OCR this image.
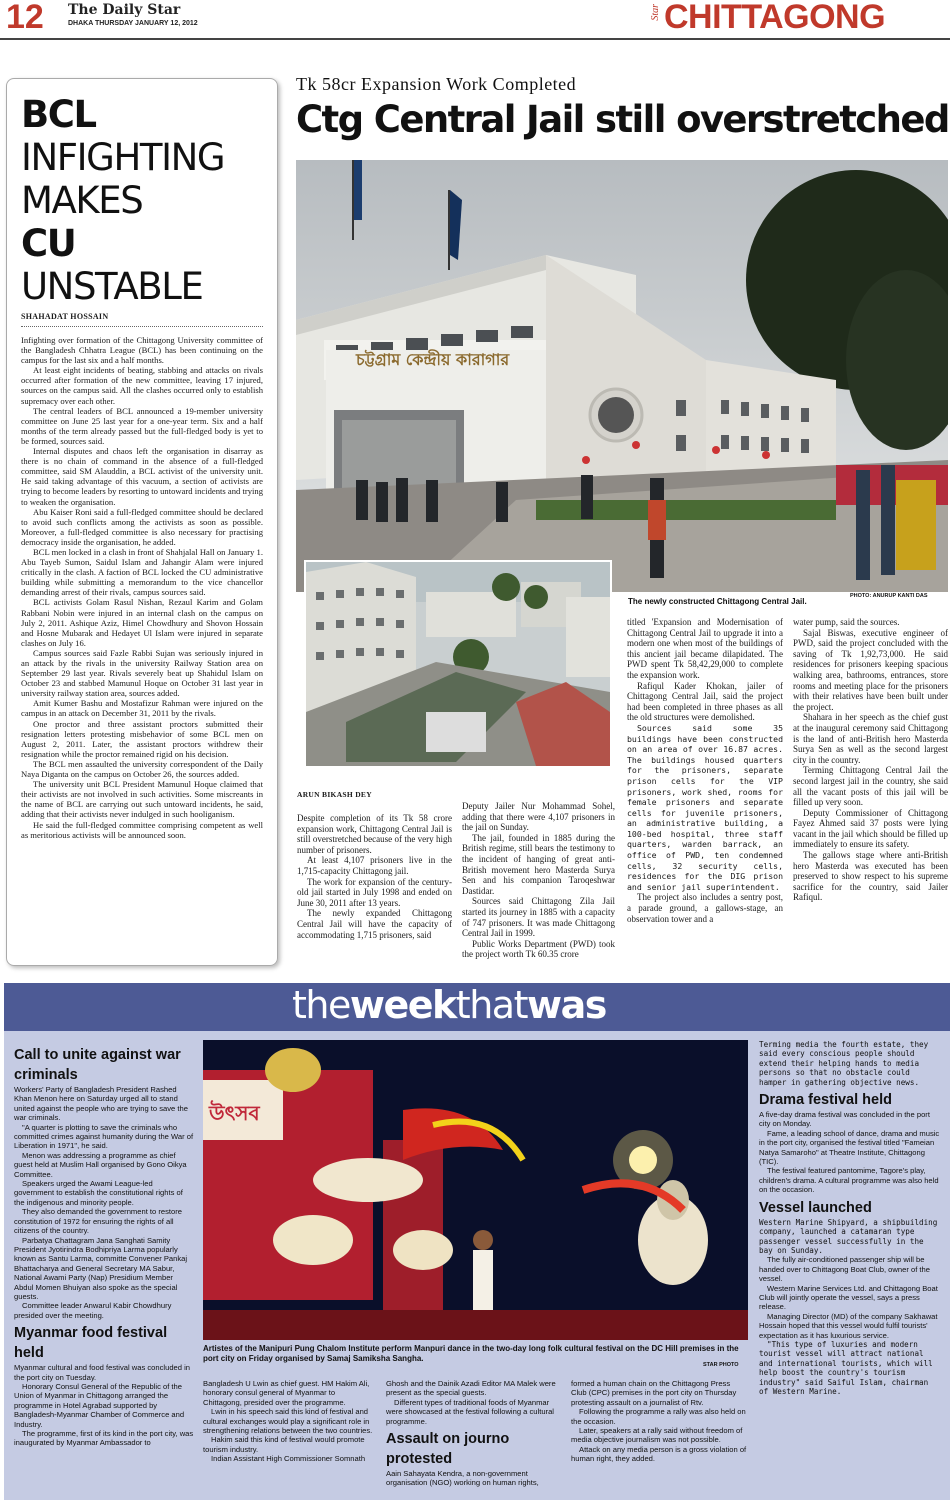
12 The Daily Star
DHAKA THURSDAY JANUARY 12, 2012
Star CHITTAGONG
BCL INFIGHTING
MAKES
CU UNSTABLE
SHAHADAT HOSSAIN

Infighting over formation of the Chittagong University committee of the Bangladesh Chhatra League (BCL) has been continuing on the campus for the last six and a half months.

At least eight incidents of beating, stabbing and attacks on rivals occurred after formation of the new committee, leaving 17 injured, sources on the campus said. All the clashes occurred only to establish supremacy over each other.

The central leaders of BCL announced a 19-member university committee on June 25 last year for a one-year term. Six and a half months of the term already passed but the full-fledged body is yet to be formed, sources said.

Internal disputes and chaos left the organisation in disarray as there is no chain of command in the absence of a full-fledged committee, said SM Alauddin, a BCL activist of the university unit. He said taking advantage of this vacuum, a section of activists are trying to become leaders by resorting to untoward incidents and trying to weaken the organisation.

Abu Kaiser Roni said a full-fledged committee should be declared to avoid such conflicts among the activists as soon as possible. Moreover, a full-fledged committee is also necessary for practising democracy inside the organisation, he added.

BCL men locked in a clash in front of Shahjalal Hall on January 1. Abu Tayeb Sumon, Saidul Islam and Jahangir Alam were injured critically in the clash. A faction of BCL locked the CU administrative building while submitting a memorandum to the vice chancellor demanding arrest of their rivals, campus sources said.

BCL activists Golam Rasul Nishan, Rezaul Karim and Golam Rabbani Nobin were injured in an internal clash on the campus on July 2, 2011. Ashique Aziz, Himel Chowdhury and Shovon Hossain and Hosne Mubarak and Hedayet Ul Islam were injured in separate clashes on July 16.

Campus sources said Fazle Rabbi Sujan was seriously injured in an attack by the rivals in the university Railway Station area on September 29 last year. Rivals severely beat up Shahidul Islam on October 23 and stabbed Mamunul Hoque on October 31 last year in university railway station area, sources added.

Amit Kumer Bashu and Mostafizur Rahman were injured on the campus in an attack on December 31, 2011 by the rivals.

One proctor and three assistant proctors submitted their resignation letters protesting misbehavior of some BCL men on August 2, 2011. Later, the assistant proctors withdrew their resignation while the proctor remained rigid on his decision.

The BCL men assaulted the university correspondent of the Daily Naya Diganta on the campus on October 26, the sources added.

The university unit BCL President Mamunul Hoque claimed that their activists are not involved in such activities. Some miscreants in the name of BCL are carrying out such untoward incidents, he said, adding that their activists never indulged in such hooliganism.

He said the full-fledged committee comprising competent as well as meritorious activists will be announced soon.

Tk 58cr Expansion Work Completed
Ctg Central Jail still overstretched
চট্টগ্রাম কেন্দ্রীয় কারাগার
The newly constructed Chittagong Central Jail.
PHOTO: ANURUP KANTI DAS
ARUN BIKASH DEY

Despite completion of its Tk 58 crore expansion work, Chittagong Central Jail is still overstretched because of the very high number of prisoners.

At least 4,107 prisoners live in the 1,715-capacity Chittagong jail.

The work for expansion of the century-old jail started in July 1998 and ended on June 30, 2011 after 13 years.

The newly expanded Chittagong Central Jail will have the capacity of accommodating 1,715 prisoners, said

Deputy Jailer Nur Mohammad Sohel, adding that there were 4,107 prisoners in the jail on Sunday.

The jail, founded in 1885 during the British regime, still bears the testimony to the incident of hanging of great anti-British movement hero Masterda Surya Sen and his companion Taroqeshwar Dastidar.

Sources said Chittagong Zila Jail started its journey in 1885 with a capacity of 747 prisoners. It was made Chittagong Central Jail in 1999.

Public Works Department (PWD) took the project worth Tk 60.35 crore

titled 'Expansion and Modernisation of Chittagong Central Jail to upgrade it into a modern one when most of the buildings of this ancient jail became dilapidated. The PWD spent Tk 58,42,29,000 to complete the expansion work.

Rafiqul Kader Khokan, jailer of Chittagong Central Jail, said the project had been completed in three phases as all the old structures were demolished.

Sources said some 35 buildings have been constructed on an area of over 16.87 acres. The buildings housed quarters for the prisoners, separate prison cells for the VIP prisoners, work shed, rooms for female prisoners and separate cells for juvenile prisoners, an administrative building, a 100-bed hospital, three staff quarters, warden barrack, an office of PWD, ten condemned cells, 32 security cells, residences for the DIG prison and senior jail superintendent.

The project also includes a sentry post, a parade ground, a gallows-stage, an observation tower and a

water pump, said the sources.

Sajal Biswas, executive engineer of PWD, said the project concluded with the saving of Tk 1,92,73,000. He said residences for prisoners keeping spacious walking area, bathrooms, entrances, store rooms and meeting place for the prisoners with their relatives have been built under the project.

Shahara in her speech as the chief gust at the inaugural ceremony said Chittagong is the land of anti-British hero Masterda Surya Sen as well as the second largest city in the country.

Terming Chittagong Central Jail the second largest jail in the country, she said all the vacant posts of this jail will be filled up very soon.

Deputy Commissioner of Chittagong Fayez Ahmed said 37 posts were lying vacant in the jail which should be filled up immediately to ensure its safety.

The gallows stage where anti-British hero Masterda was executed has been preserved to show respect to his supreme sacrifice for the country, said Jailer Rafiqul.

theweekthatwas
Call to unite against war criminals

Workers' Party of Bangladesh President Rashed Khan Menon here on Saturday urged all to stand united against the people who are trying to save the war criminals.

"A quarter is plotting to save the criminals who committed crimes against humanity during the War of Liberation in 1971", he said.

Menon was addressing a programme as chief guest held at Muslim Hall organised by Gono Oikya Committee.

Speakers urged the Awami League-led government to establish the constitutional rights of the indigenous and minority people.

They also demanded the government to restore constitution of 1972 for ensuring the rights of all citizens of the country.

Parbatya Chattagram Jana Sanghati Samity President Jyotirindra Bodhipriya Larma popularly known as Santu Larma, committe Convener Pankaj Bhattacharya and General Secretary MA Sabur, National Awami Party (Nap) Presidium Member Abdul Momen Bhuiyan also spoke as the special guests.

Committee leader Anwarul Kabir Chowdhury presided over the meeting.

Myanmar food festival held

Myanmar cultural and food festival was concluded in the port city on Tuesday.

Honorary Consul General of the Republic of the Union of Myanmar in Chittagong arranged the programme in Hotel Agrabad supported by Bangladesh-Myanmar Chamber of Commerce and Industry.

The programme, first of its kind in the port city, was inaugurated by Myanmar Ambassador to

উৎসব
Artistes of the Manipuri Pung Chalom Institute perform Manpuri dance in the two-day long folk cultural festival on the DC Hill premises in the port city on Friday organised by Samaj Samiksha Sangha.
STAR PHOTO

Bangladesh U Lwin as chief guest. HM Hakim Ali, honorary consul general of Myanmar to Chittagong, presided over the programme.

Lwin in his speech said this kind of festival and cultural exchanges would play a significant role in strengthening relations between the two countries.

Hakim said this kind of festival would promote tourism industry.

Indian Assistant High Commissioner Somnath

Ghosh and the Dainik Azadi Editor MA Malek were present as the special guests.

Different types of traditional foods of Myanmar were showcased at the festival following a cultural programme.

Assault on journo protested

Aain Sahayata Kendra, a non-government organisation (NGO) working on human rights,

formed a human chain on the Chittagong Press Club (CPC) premises in the port city on Thursday protesting assault on a journalist of Rtv.

Following the programme a rally was also held on the occasion.

Later, speakers at a rally said without freedom of media objective journalism was not possible.

Attack on any media person is a gross violation of human right, they added.

Terming media the fourth estate, they said every conscious people should extend their helping hands to media persons so that no obstacle could hamper in gathering objective news.

Drama festival held

A five-day drama festival was concluded in the port city on Monday.

Fame, a leading school of dance, drama and music in the port city, organised the festival titled "Fameian Natya Samaroho" at Theatre Institute, Chittagong (TIC).

The festival featured pantomime, Tagore's play, children's drama. A cultural programme was also held on the occasion.

Vessel launched

Western Marine Shipyard, a shipbuilding company, launched a catamaran type passenger vessel successfully in the bay on Sunday.

The fully air-conditioned passenger ship will be handed over to Chittagong Boat Club, owner of the vessel.

Western Marine Services Ltd. and Chittagong Boat Club will jointly operate the vessel, says a press release.

Managing Director (MD) of the company Sakhawat Hossain hoped that this vessel would fulfil tourists' expectation as it has luxurious service.

"This type of luxuries and modern tourist vessel will attract national and international tourists, which will help boost the country's tourism industry" said Saiful Islam, chairman of Western Marine.
